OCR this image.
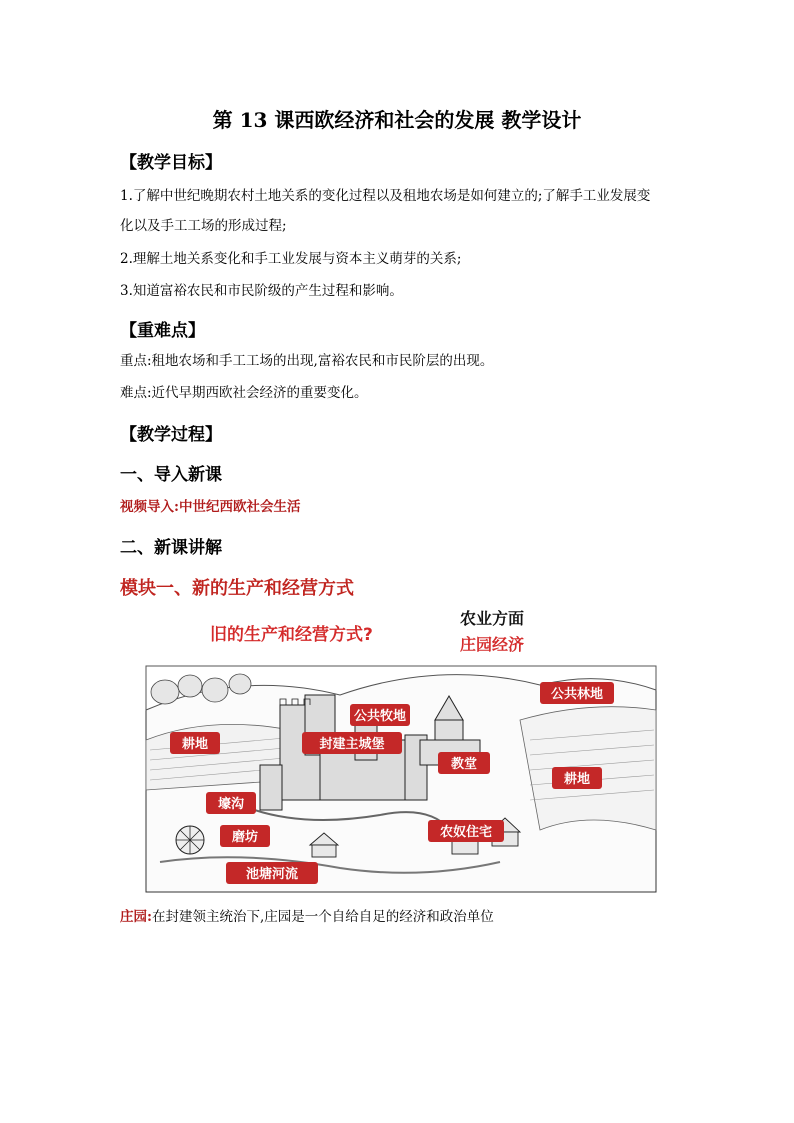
第 13 课西欧经济和社会的发展 教学设计
【教学目标】
1.了解中世纪晚期农村土地关系的变化过程以及租地农场是如何建立的;了解手工业发展变
化以及手工工场的形成过程;
2.理解土地关系变化和手工业发展与资本主义萌芽的关系;
3.知道富裕农民和市民阶级的产生过程和影响。
【重难点】
重点:租地农场和手工工场的出现,富裕农民和市民阶层的出现。
难点:近代早期西欧社会经济的重要变化。
【教学过程】
一、导入新课
视频导入:中世纪西欧社会生活
二、新课讲解
模块一、新的生产和经营方式
旧的生产和经营方式?
农业方面
庄园经济
公共林地
公共牧地
耕地	封建主城堡
教堂
耕地
壕沟
磨坊	农奴住宅
池塘河流
庄园:在封建领主统治下,庄园是一个自给自足的经济和政治单位
